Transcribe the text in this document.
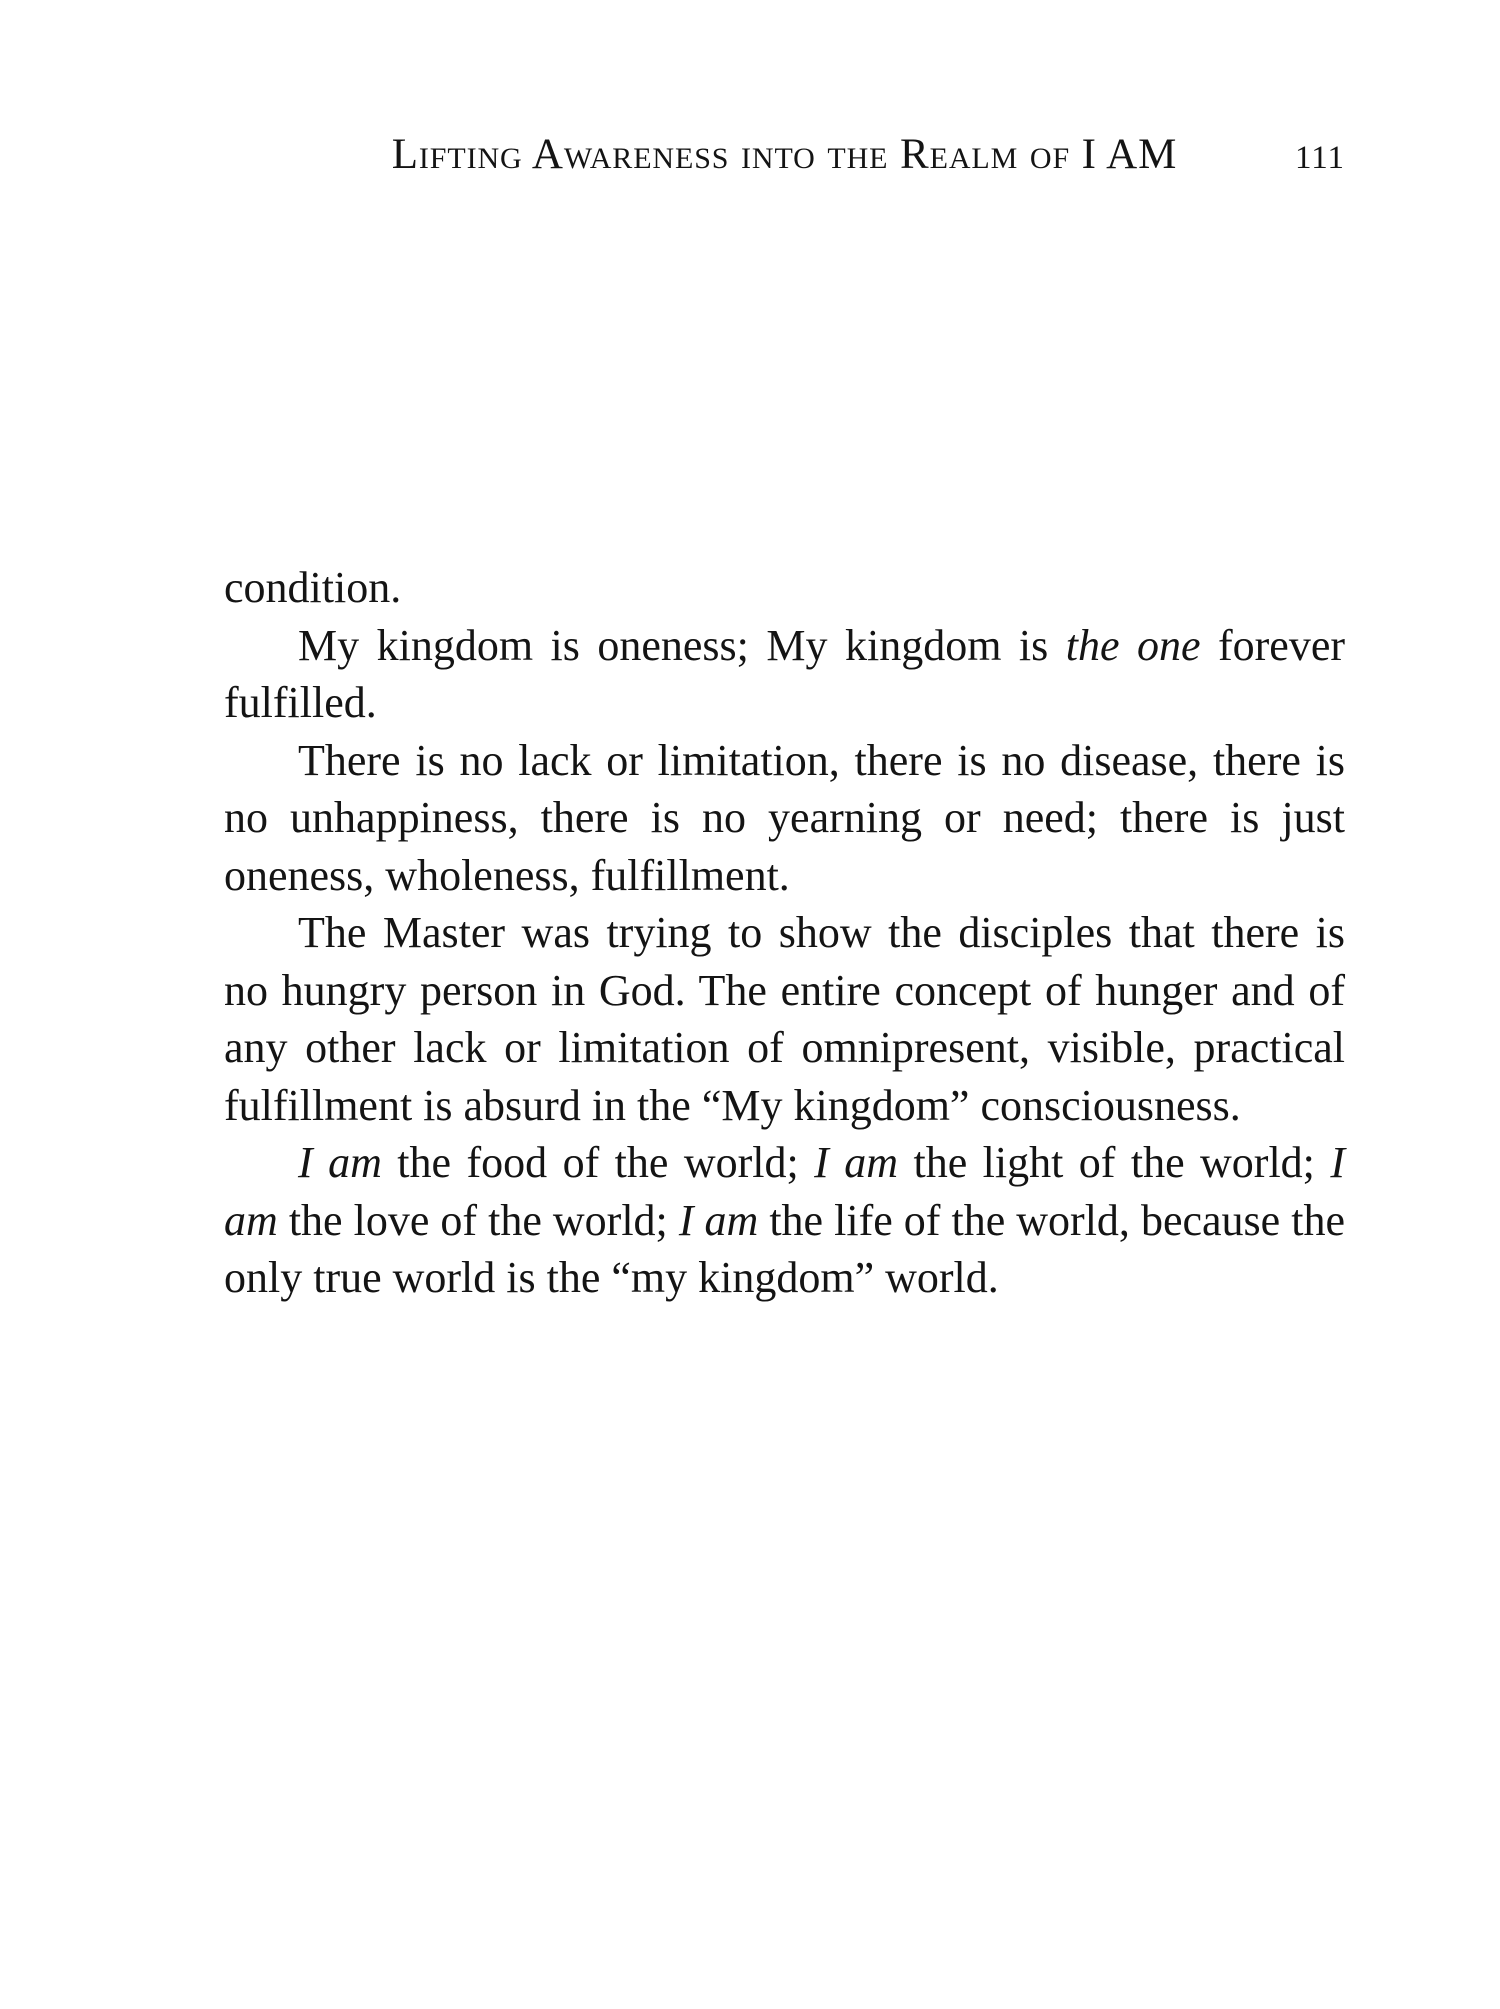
Lifting Awareness into the Realm of I AM	111

condition.

My kingdom is oneness; My kingdom is the one forever fulfilled.

There is no lack or limitation, there is no disease, there is no unhappiness, there is no yearning or need; there is just oneness, wholeness, fulfillment.

The Master was trying to show the disciples that there is no hungry person in God. The entire concept of hunger and of any other lack or limitation of omnipresent, visible, practical fulfillment is absurd in the “My kingdom” consciousness.

I am the food of the world; I am the light of the world; I am the love of the world; I am the life of the world, because the only true world is the “my kingdom” world.
